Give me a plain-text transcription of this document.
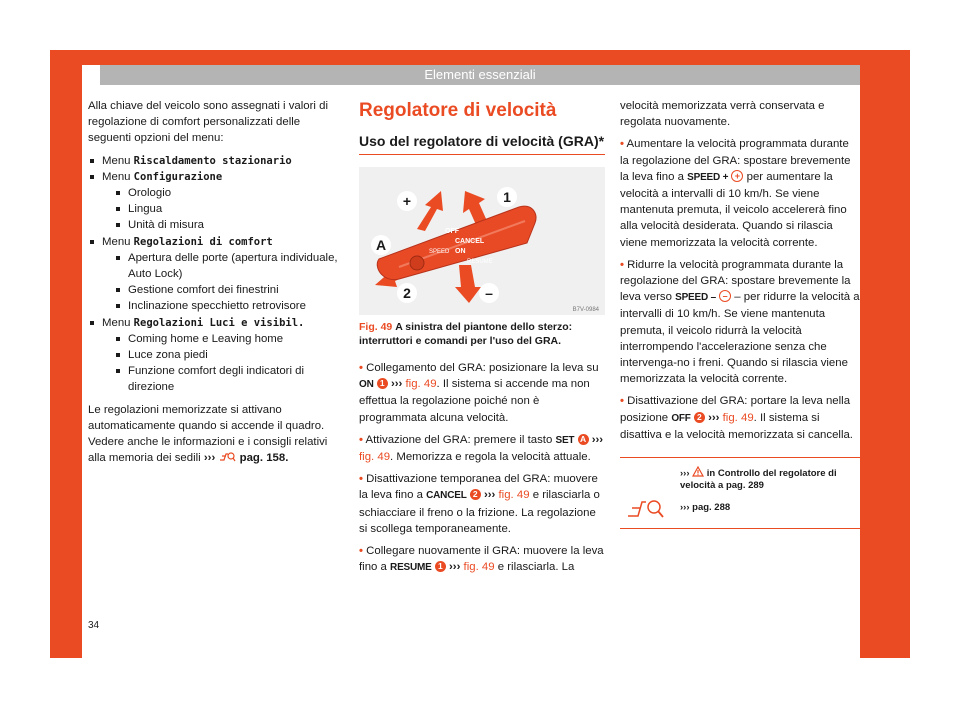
Elementi essenziali

Alla chiave del veicolo sono assegnati i valori di regolazione di comfort personalizzati delle seguenti opzioni del menu:

Menu Riscaldamento stazionario
Menu Configurazione
Orologio
Lingua
Unità di misura
Menu Regolazioni di comfort
Apertura delle porte (apertura individuale, Auto Lock)
Gestione comfort dei finestrini
Inclinazione specchietto retrovisore
Menu Regolazioni Luci e visibil.
Coming home e Leaving home
Luce zona piedi
Funzione comfort degli indicatori di direzione

Le regolazioni memorizzate si attivano automaticamente quando si accende il quadro. Vedere anche le informazioni e i consigli relativi alla memoria dei sedili ››› pag. 158.

Regolatore di velocità
Uso del regolatore di velocità (GRA)*
OFF
CANCEL
ON
SPEED
RESUME
+	1
A
2	–
B7V-0984
Fig. 49 A sinistra del piantone dello sterzo: interruttori e comandi per l'uso del GRA.

• Collegamento del GRA: posizionare la leva su ON 1 ››› fig. 49. Il sistema si accende ma non effettua la regolazione poiché non è programmata alcuna velocità.

• Attivazione del GRA: premere il tasto SET A ››› fig. 49. Memorizza e regola la velocità attuale.

• Disattivazione temporanea del GRA: muovere la leva fino a CANCEL 2 ››› fig. 49 e rilasciarla o schiacciare il freno o la frizione. La regolazione si scollega temporaneamente.

• Collegare nuovamente il GRA: muovere la leva fino a RESUME 1 ››› fig. 49 e rilasciarla. La

velocità memorizzata verrà conservata e regolata nuovamente.

• Aumentare la velocità programmata durante la regolazione del GRA: spostare brevemente la leva fino a SPEED + + per aumentare la velocità a intervalli di 10 km/h. Se viene mantenuta premuta, il veicolo accelererà fino alla velocità desiderata. Quando si rilascia viene memorizzata la velocità corrente.

• Ridurre la velocità programmata durante la regolazione del GRA: spostare brevemente la leva verso SPEED – – – per ridurre la velocità a intervalli di 10 km/h. Se viene mantenuta premuta, il veicolo ridurrà la velocità interrompendo l'accelerazione senza che intervenga-no i freni. Quando si rilascia viene memorizzata la velocità corrente.

• Disattivazione del GRA: portare la leva nella posizione OFF 2 ››› fig. 49. Il sistema si disattiva e la velocità memorizzata si cancella.

››› in Controllo del regolatore di velocità a pag. 289
››› pag. 288
34
